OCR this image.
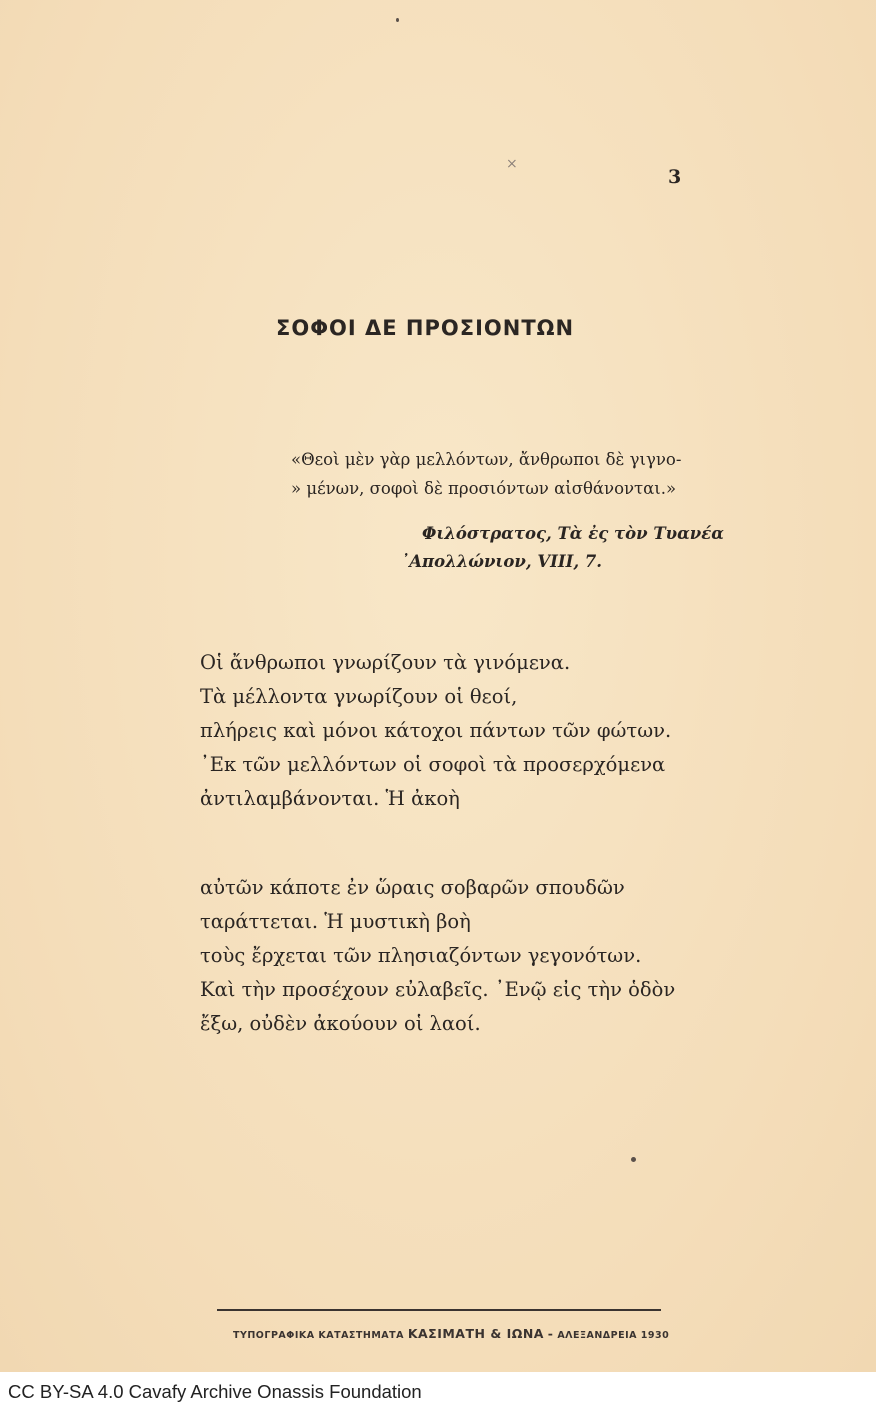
×
3
ΣΟΦΟΙ ΔΕ ΠΡΟΣΙΟΝΤΩΝ
«Θεοὶ μὲν γὰρ μελλόντων, ἄνθρωποι δὲ γιγνο-
» μένων, σοφοὶ δὲ προσιόντων αἰσθάνονται.»
Φιλόστρατος, Τὰ ἐς τὸν Τυανέα
᾿Απολλώνιον, VIII, 7.
Οἱ ἄνθρωποι γνωρίζουν τὰ γινόμενα.
Τὰ μέλλοντα γνωρίζουν οἱ θεοί,
πλήρεις καὶ μόνοι κάτοχοι πάντων τῶν φώτων.
᾿Εκ τῶν μελλόντων οἱ σοφοὶ τὰ προσερχόμενα
ἀντιλαμβάνονται. Ἡ ἀκοὴ
αὐτῶν κάποτε ἐν ὥραις σοβαρῶν σπουδῶν
ταράττεται. Ἡ μυστικὴ βοὴ
τοὺς ἔρχεται τῶν πλησιαζόντων γεγονότων.
Καὶ τὴν προσέχουν εὐλαβεῖς. ᾿Ενῷ εἰς τὴν ὁδὸν
ἔξω, οὐδὲν ἀκούουν οἱ λαοί.
ΤΥΠΟΓΡΑΦΙΚΑ ΚΑΤΑΣΤΗΜΑΤΑ ΚΑΣΙΜΑΤΗ & ΙΩΝΑ - ΑΛΕΞΑΝΔΡΕΙΑ 1930
CC BY-SA 4.0 Cavafy Archive Onassis Foundation
